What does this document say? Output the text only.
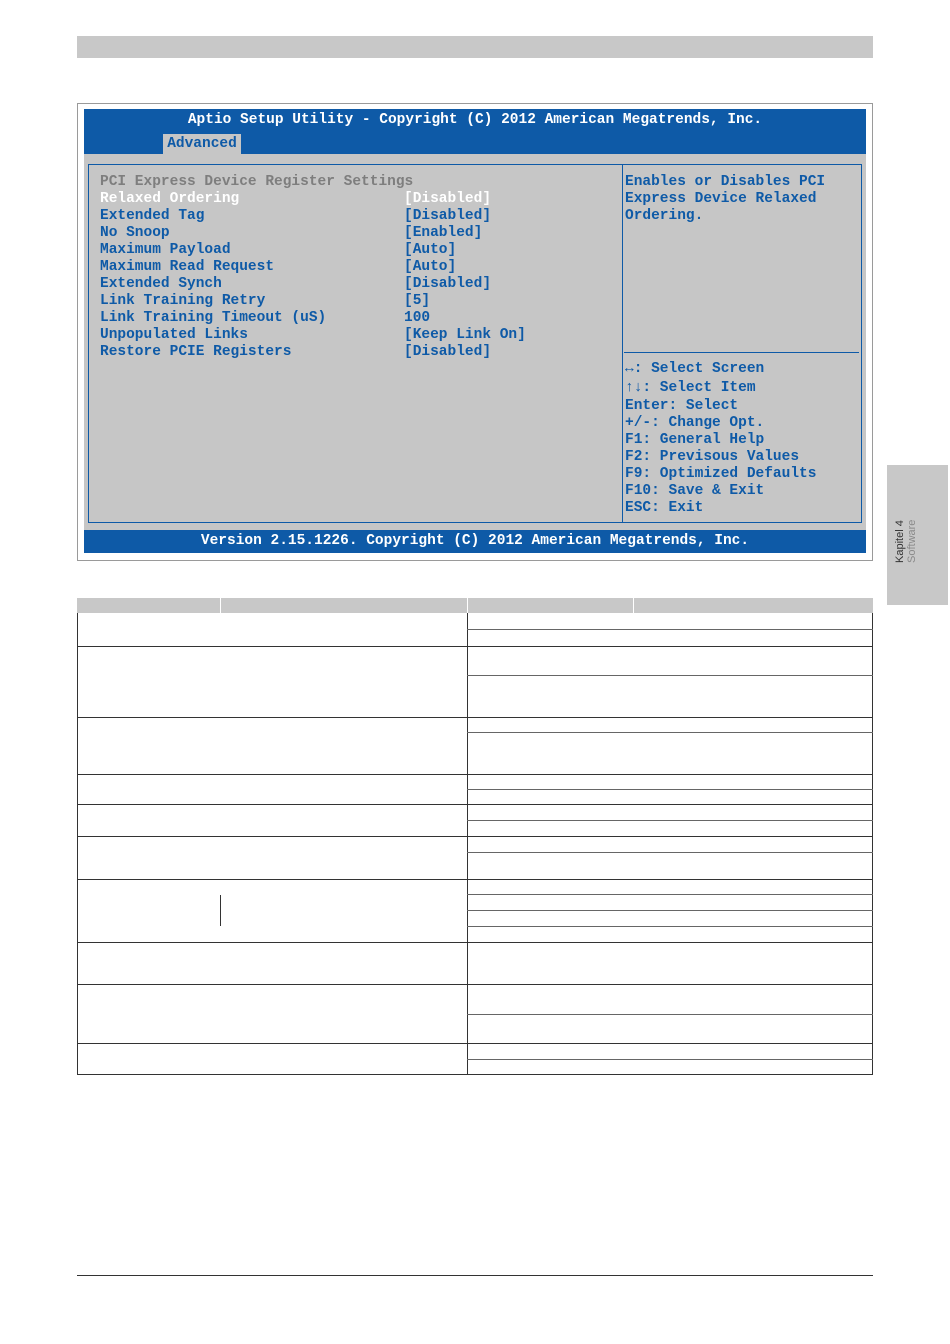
Aptio Setup Utility - Copyright (C) 2012 American Megatrends, Inc.
Advanced
PCI Express Device Register Settings
Relaxed Ordering	[Disabled]
Extended Tag	[Disabled]
No Snoop	[Enabled]
Maximum Payload	[Auto]
Maximum Read Request	[Auto]
Extended Synch	[Disabled]
Link Training Retry	[5]
Link Training Timeout (uS)	100
Unpopulated Links	[Keep Link On]
Restore PCIE Registers	[Disabled]
Enables or Disables PCI
Express Device Relaxed
Ordering.
↔: Select Screen
↑↓: Select Item
Enter: Select
+/-: Change Opt.
F1: General Help
F2: Previsous Values
F9: Optimized Defaults
F10: Save & Exit
ESC: Exit
Version 2.15.1226. Copyright (C) 2012 American Megatrends, Inc.	Kapitel 4 Software
